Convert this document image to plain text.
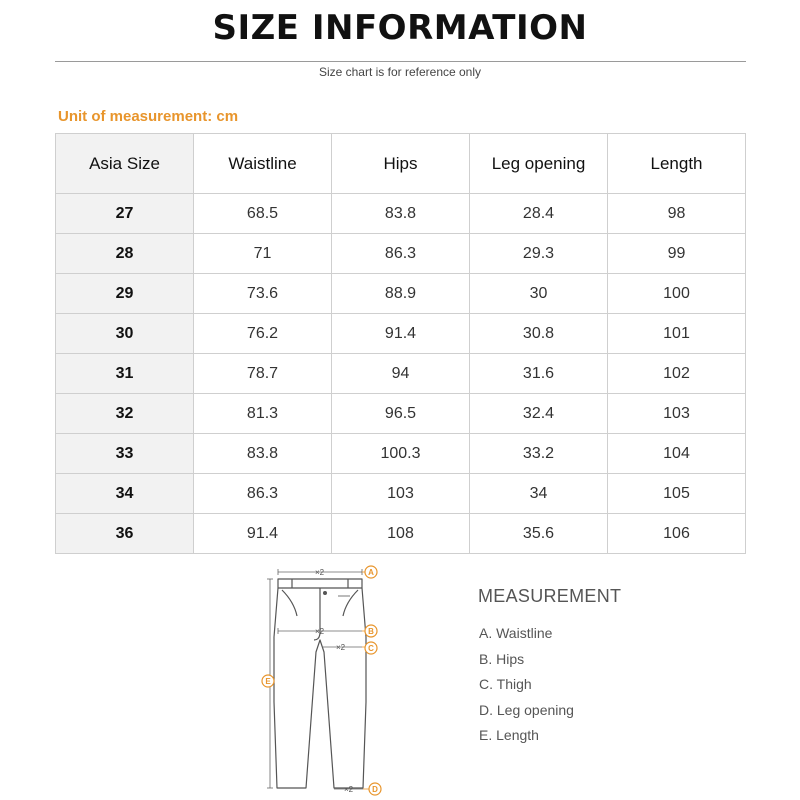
SIZE INFORMATION
Size chart is for reference only
Unit of measurement: cm
Asia Size	Waistline	Hips	Leg opening	Length
27	68.5	83.8	28.4	98
28	71	86.3	29.3	99
29	73.6	88.9	30	100
30	76.2	91.4	30.8	101
31	78.7	94	31.6	102
32	81.3	96.5	32.4	103
33	83.8	100.3	33.2	104
34	86.3	103	34	105
36	91.4	108	35.6	106
×2
×2
×2
×2
A
B
C
D
E
MEASUREMENT
A. Waistline
B. Hips
C. Thigh
D. Leg opening
E. Length
